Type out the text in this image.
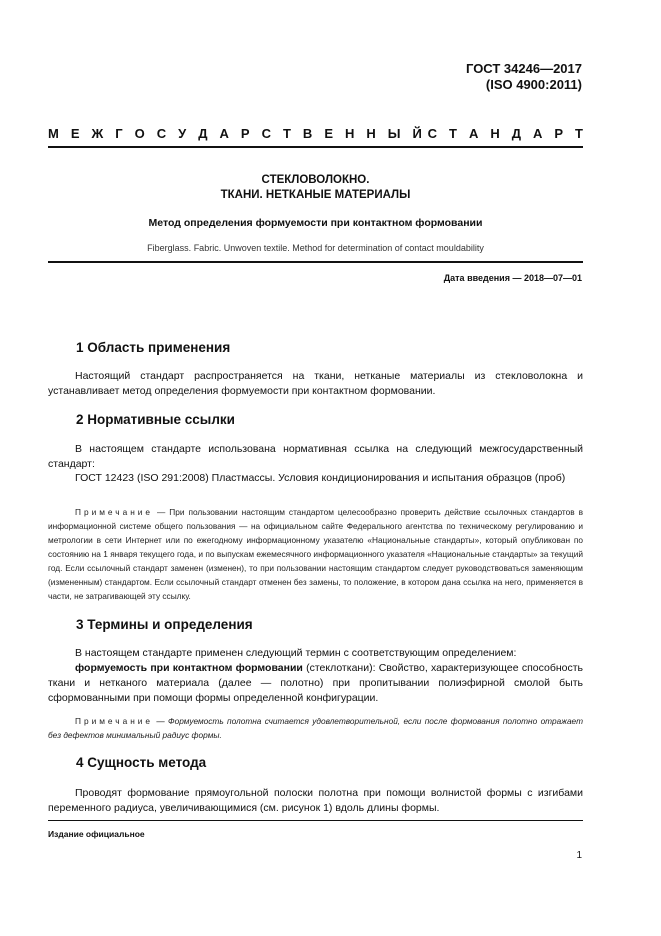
ГОСТ 34246—2017
(ISO 4900:2011)
М Е Ж Г О С У Д А Р С Т В Е Н Н Ы Й С Т А Н Д А Р Т
СТЕКЛОВОЛОКНО.
ТКАНИ. НЕТКАНЫЕ МАТЕРИАЛЫ
Метод определения формуемости при контактном формовании
Fiberglass. Fabric. Unwoven textile. Method for determination of contact mouldability
Дата введения — 2018—07—01
1 Область применения
Настоящий стандарт распространяется на ткани, нетканые материалы из стекловолокна и устанавливает метод определения формуемости при контактном формовании.
2 Нормативные ссылки
В настоящем стандарте использована нормативная ссылка на следующий межгосударственный стандарт:
ГОСТ 12423 (ISO 291:2008) Пластмассы. Условия кондиционирования и испытания образцов (проб)
Примечание — При пользовании настоящим стандартом целесообразно проверить действие ссылочных стандартов в информационной системе общего пользования — на официальном сайте Федерального агентства по техническому регулированию и метрологии в сети Интернет или по ежегодному информационному указателю «Национальные стандарты», который опубликован по состоянию на 1 января текущего года, и по выпускам ежемесячного информационного указателя «Национальные стандарты» за текущий год. Если ссылочный стандарт заменен (изменен), то при пользовании настоящим стандартом следует руководствоваться заменяющим (измененным) стандартом. Если ссылочный стандарт отменен без замены, то положение, в котором дана ссылка на него, применяется в части, не затрагивающей эту ссылку.
3 Термины и определения
В настоящем стандарте применен следующий термин с соответствующим определением:
формуемость при контактном формовании (стеклоткани): Свойство, характеризующее способность ткани и нетканого материала (далее — полотно) при пропитывании полиэфирной смолой быть сформованными при помощи формы определенной конфигурации.
Примечание — Формуемость полотна считается удовлетворительной, если после формования полотно отражает без дефектов минимальный радиус формы.
4 Сущность метода
Проводят формование прямоугольной полоски полотна при помощи волнистой формы с изгибами переменного радиуса, увеличивающимися (см. рисунок 1) вдоль длины формы.
Издание официальное
1
